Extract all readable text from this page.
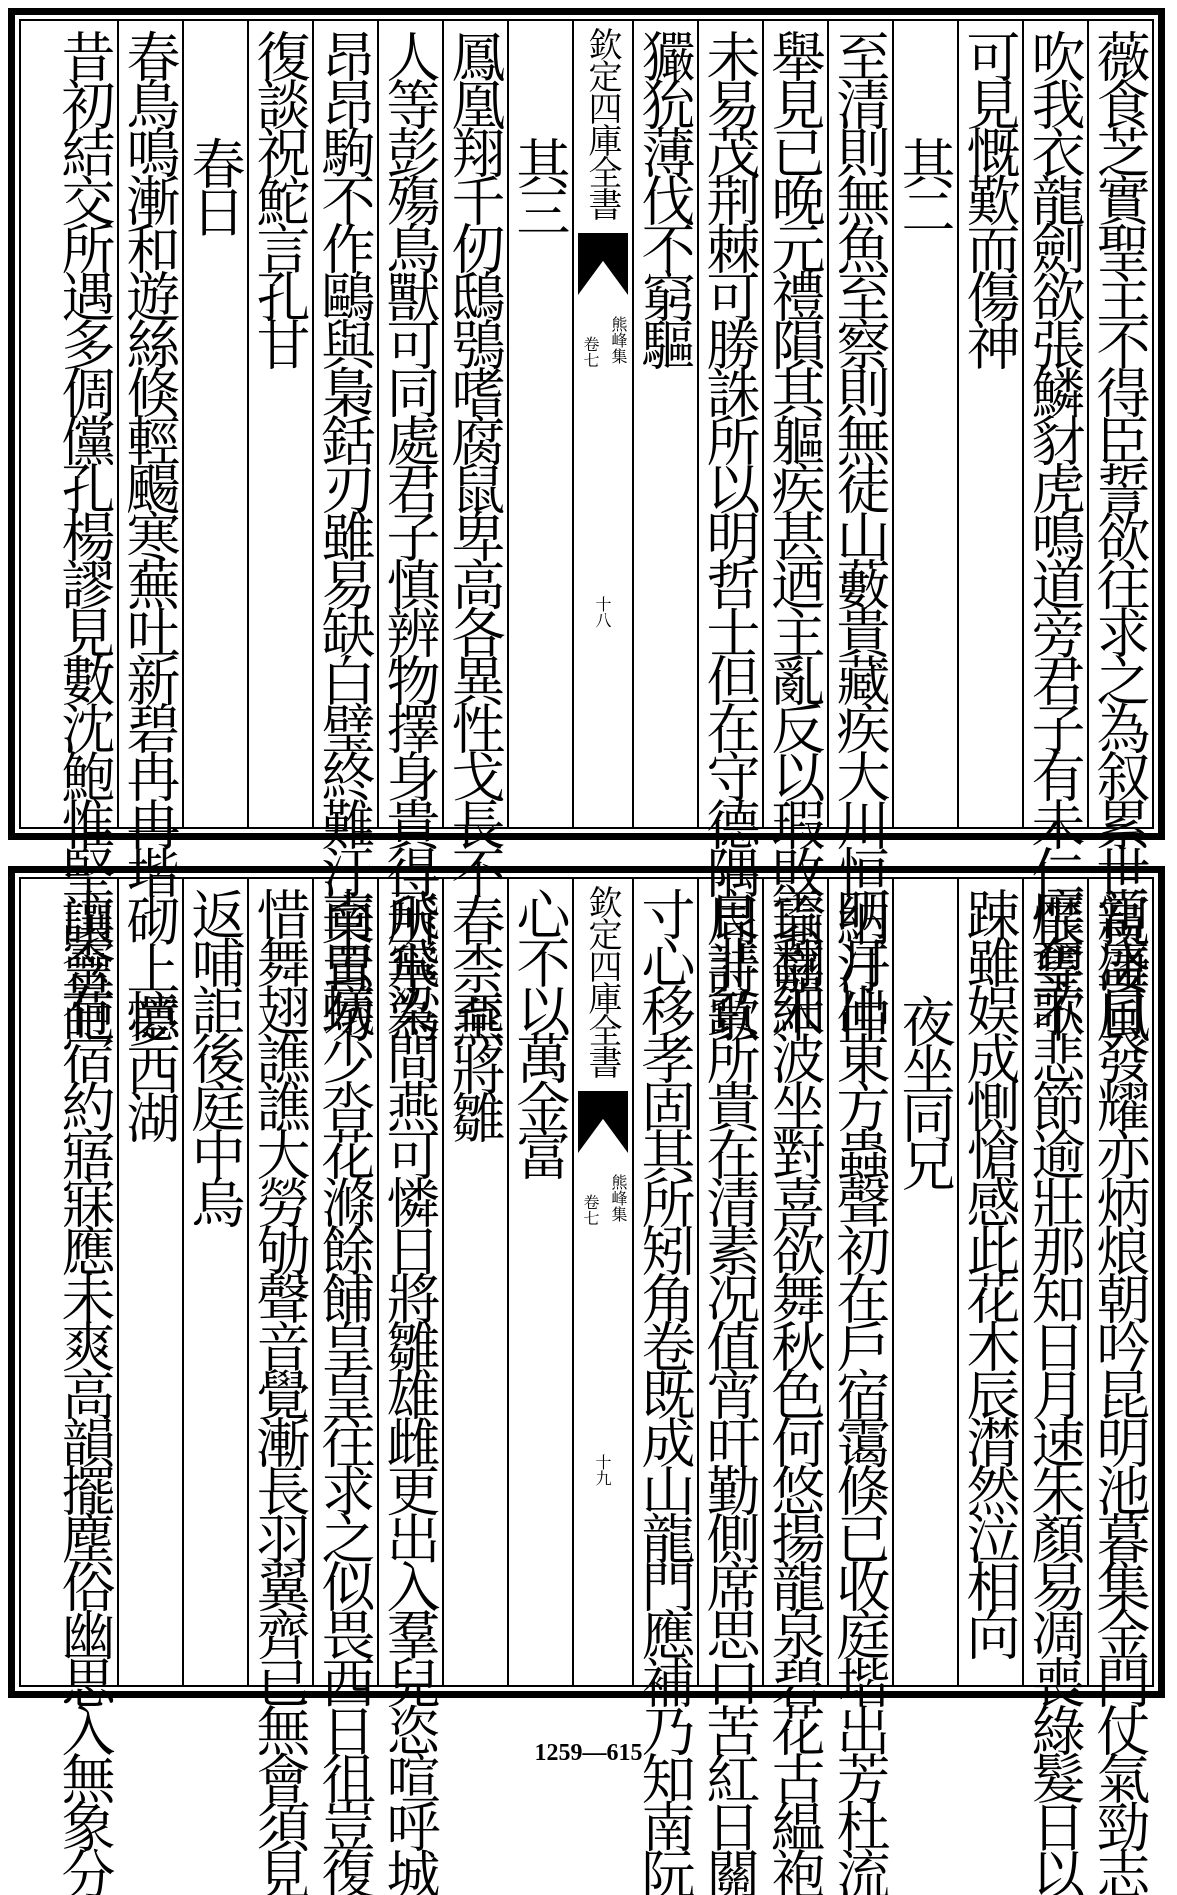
薇食芝實聖主不得臣誓欲往求之為叙累世親凄風
吹我衣龍劍欲張鱗豺虎鳴道旁君子有未仁悵望不
可見慨歎而傷神
其二
至清則無魚至察則無徒山藪貴藏疾大川恒納汙仲
舉見已晚元禮隕其軀疾甚迺主亂反以瑕敗瑜嘉木
未易茂荆棘可勝誅所以明哲士但在守德隅周詩歌
玁狁薄伐不窮驅
欽定四庫全書
熊峰集
卷七
十八
其三
鳳凰翔千仞鴟鴞嗜腐鼠卑高各異性戈長不春柰至
人等彭殤鳥獸可同處君子慎辨物擇身貴得所寧為
昂昂駒不作鷗與梟銛刃雖易缺白璧終難汙棄置勿
復談祝鮀言孔甘
春日
春鳥鳴漸和遊絲倏輕颺寒蕪吐新碧冉冉堦砌上憶
昔初結交所遇多倜儻孔楊謬見數沈鮑惟堅讓含葩
當盛日發耀亦炳烺朝吟昆明池暮集金門仗氣勁志
靡奪歌悲節逾壯那知日月速朱顏易凋喪綠髮日以
踈雖娱成惻愴感此花木辰潸然泣相向
夜坐同兄
明月出東方蟲聲初在戶宿霭倏已收庭堦出芳杜流
雲翻細波坐對喜欲舞秋色何悠揚龍泉碧花古緼袍
良非貧所貴在清素况值宵旰勤側席思口苦紅日關
寸心移孝固其所矧角卷既成山龍門應補乃知南阮
欽定四庫全書
熊峰集
卷七
十九
心不以萬金富
燕將雛
飛飛梁間燕可憐日將雛雄雌更出入羣兒恣喧呼城
南虫蟻少沓花滌餘餔皇皇往求之似畏西日徂豈復
惜舞翅譙譙大勞劬聲音覺漸長羽翼齊已無會須見
返哺詎後庭中烏
夢西湖
山靈有宿約寤寐應未爽高韻擺塵俗幽思入無象分	1259—615
